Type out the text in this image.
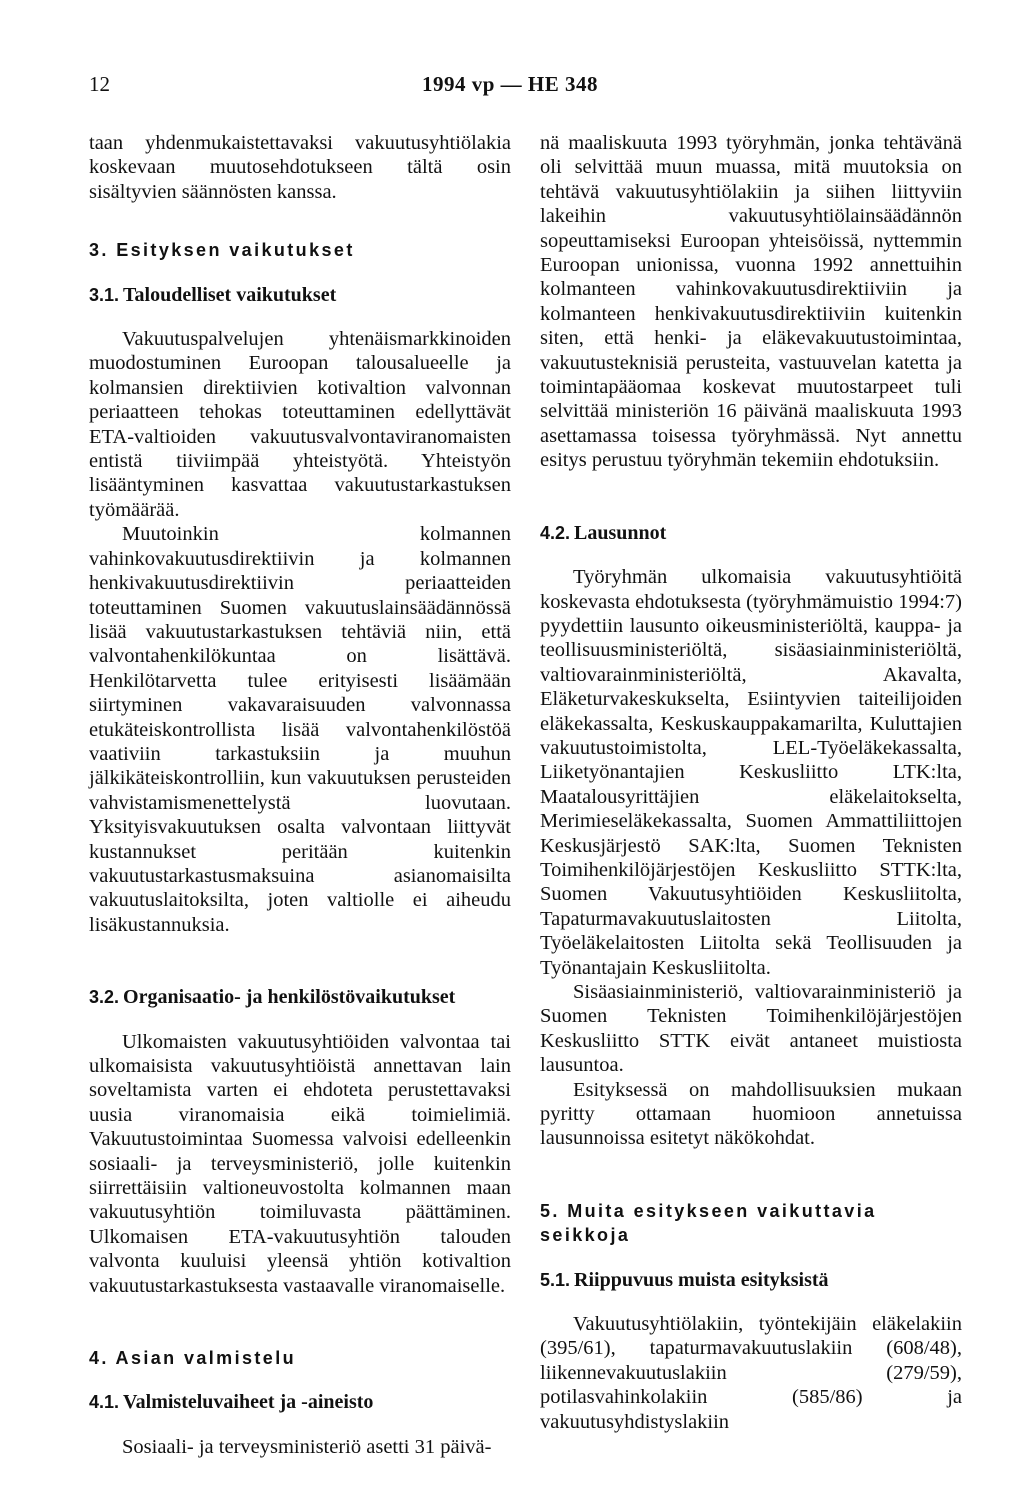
12	1994 vp — HE 348

taan yhdenmukaistettavaksi vakuutusyhtiölakia koskevaan muutosehdotukseen tältä osin sisältyvien säännösten kanssa.

3. Esityksen vaikutukset
3.1. Taloudelliset vaikutukset

Vakuutuspalvelujen yhtenäismarkkinoiden muodostuminen Euroopan talousalueelle ja kolmansien direktiivien kotivaltion valvonnan periaatteen tehokas toteuttaminen edellyttävät ETA-valtioiden vakuutusvalvontaviranomaisten entistä tiiviimpää yhteistyötä. Yhteistyön lisääntyminen kasvattaa vakuutustarkastuksen työmäärää.

Muutoinkin kolmannen vahinkovakuutusdirektiivin ja kolmannen henkivakuutusdirektiivin periaatteiden toteuttaminen Suomen vakuutuslainsäädännössä lisää vakuutustarkastuksen tehtäviä niin, että valvontahenkilökuntaa on lisättävä. Henkilötarvetta tulee erityisesti lisäämään siirtyminen vakavaraisuuden valvonnassa etukäteiskontrollista lisää valvontahenkilöstöä vaativiin tarkastuksiin ja muuhun jälkikäteiskontrolliin, kun vakuutuksen perusteiden vahvistamismenettelystä luovutaan. Yksityisvakuutuksen osalta valvontaan liittyvät kustannukset peritään kuitenkin vakuutustarkastusmaksuina asianomaisilta vakuutuslaitoksilta, joten valtiolle ei aiheudu lisäkustannuksia.

3.2. Organisaatio- ja henkilöstövaikutukset

Ulkomaisten vakuutusyhtiöiden valvontaa tai ulkomaisista vakuutusyhtiöistä annettavan lain soveltamista varten ei ehdoteta perustettavaksi uusia viranomaisia eikä toimielimiä. Vakuutustoimintaa Suomessa valvoisi edelleenkin sosiaali- ja terveysministeriö, jolle kuitenkin siirrettäisiin valtioneuvostolta kolmannen maan vakuutusyhtiön toimiluvasta päättäminen. Ulkomaisen ETA-vakuutusyhtiön talouden valvonta kuuluisi yleensä yhtiön kotivaltion vakuutustarkastuksesta vastaavalle viranomaiselle.

4. Asian valmistelu
4.1. Valmisteluvaiheet ja -aineisto

Sosiaali- ja terveysministeriö asetti 31 päivä-

nä maaliskuuta 1993 työryhmän, jonka tehtävänä oli selvittää muun muassa, mitä muutoksia on tehtävä vakuutusyhtiölakiin ja siihen liittyviin lakeihin vakuutusyhtiölainsäädännön sopeuttamiseksi Euroopan yhteisöissä, nyttemmin Euroopan unionissa, vuonna 1992 annettuihin kolmanteen vahinkovakuutusdirektiiviin ja kolmanteen henkivakuutusdirektiiviin kuitenkin siten, että henki- ja eläkevakuutustoimintaa, vakuutusteknisiä perusteita, vastuuvelan katetta ja toimintapääomaa koskevat muutostarpeet tuli selvittää ministeriön 16 päivänä maaliskuuta 1993 asettamassa toisessa työryhmässä. Nyt annettu esitys perustuu työryhmän tekemiin ehdotuksiin.

4.2. Lausunnot

Työryhmän ulkomaisia vakuutusyhtiöitä koskevasta ehdotuksesta (työryhmämuistio 1994:7) pyydettiin lausunto oikeusministeriöltä, kauppa- ja teollisuusministeriöltä, sisäasiainministeriöltä, valtiovarainministeriöltä, Akavalta, Eläketurvakeskukselta, Esiintyvien taiteilijoiden eläkekassalta, Keskuskauppakamarilta, Kuluttajien vakuutustoimistolta, LEL-Työeläkekassalta, Liiketyönantajien Keskusliitto LTK:lta, Maatalousyrittäjien eläkelaitokselta, Merimieseläkekassalta, Suomen Ammattiliittojen Keskusjärjestö SAK:lta, Suomen Teknisten Toimihenkilöjärjestöjen Keskusliitto STTK:lta, Suomen Vakuutusyhtiöiden Keskusliitolta, Tapaturmavakuutuslaitosten Liitolta, Työeläkelaitosten Liitolta sekä Teollisuuden ja Työnantajain Keskusliitolta.

Sisäasiainministeriö, valtiovarainministeriö ja Suomen Teknisten Toimihenkilöjärjestöjen Keskusliitto STTK eivät antaneet muistiosta lausuntoa.

Esityksessä on mahdollisuuksien mukaan pyritty ottamaan huomioon annetuissa lausunnoissa esitetyt näkökohdat.

5. Muita esitykseen vaikuttavia seikkoja
5.1. Riippuvuus muista esityksistä

Vakuutusyhtiölakiin, työntekijäin eläkelakiin (395/61), tapaturmavakuutuslakiin (608/48), liikennevakuutuslakiin (279/59), potilasvahinkolakiin (585/86) ja vakuutusyhdistyslakiin
